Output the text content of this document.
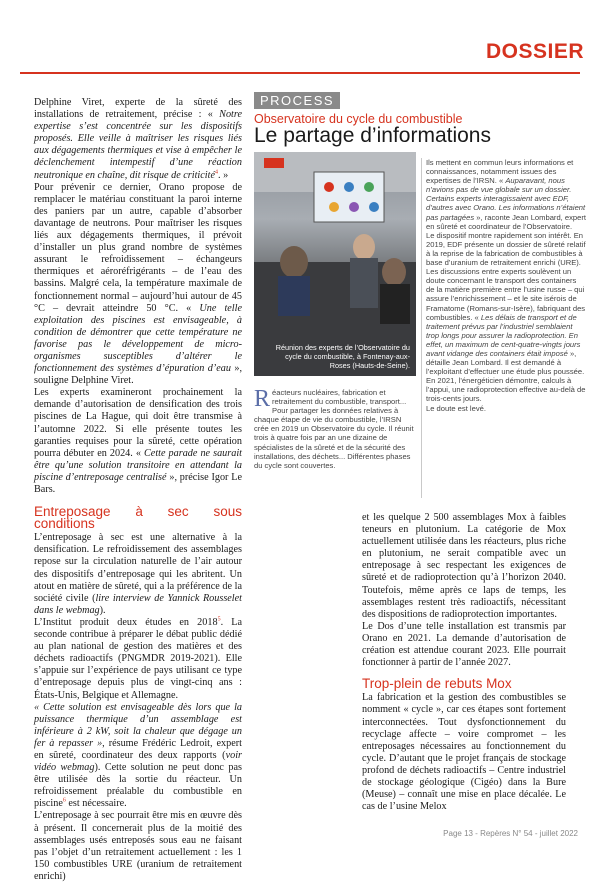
DOSSIER

Delphine Viret, experte de la sûreté des installations de retraitement, précise : « Notre expertise s’est concentrée sur les dispositifs proposés. Elle veille à maîtriser les risques liés aux dégagements thermiques et vise à empêcher le déclenchement intempestif d’une réaction neutronique en chaîne, dit risque de criticité$^4$. »

Pour prévenir ce dernier, Orano propose de remplacer le matériau constituant la paroi interne des paniers par un autre, capable d’absorber davantage de neutrons. Pour maîtriser les risques liés aux dégagements thermiques, il prévoit d’installer un plus grand nombre de systèmes assurant le refroidissement – échangeurs thermiques et aéroréfrigérants – de l’eau des bassins. Malgré cela, la température maximale de fonctionnement normal – aujourd’hui autour de 45 °C – devrait atteindre 50 °C. « Une telle exploitation des piscines est envisageable, à condition de démontrer que cette température ne favorise pas le développement de micro-organismes susceptibles d’altérer le fonctionnement des systèmes d’épuration d’eau », souligne Delphine Viret.

Les experts examineront prochainement la demande d’autorisation de densification des trois piscines de La Hague, qui doit être transmise à l’automne 2022. Si elle présente toutes les garanties requises pour la sûreté, cette opération pourra débuter en 2024. « Cette parade ne saurait être qu’une solution transitoire en attendant la piscine d’entreposage centralisé », précise Igor Le Bars.

Entreposage à sec sous conditions

L’entreposage à sec est une alternative à la densification. Le refroidissement des assemblages repose sur la circulation naturelle de l’air autour des dispositifs d’entreposage qui les abritent. Un atout en matière de sûreté, qui a la préférence de la société civile (lire interview de Yannick Rousselet dans le webmag).

L’Institut produit deux études en 2018$^5$. La seconde contribue à préparer le débat public dédié au plan national de gestion des matières et des déchets radioactifs (PNGMDR 2019-2021). Elle s’appuie sur l’expérience de pays utilisant ce type d’entreposage depuis plus de vingt-cinq ans : États-Unis, Belgique et Allemagne.

« Cette solution est envisageable dès lors que la puissance thermique d’un assemblage est inférieure à 2 kW, soit la chaleur que dégage un fer à repasser », résume Frédéric Ledroit, expert en sûreté, coordinateur des deux rapports (voir vidéo webmag). Cette solution ne peut donc pas être utilisée dès la sortie du réacteur. Un refroidissement préalable du combustible en piscine$^6$ est nécessaire.

L’entreposage à sec pourrait être mis en œuvre dès à présent. Il concernerait plus de la moitié des assemblages usés entreposés sous eau ne faisant pas l’objet d’un retraitement actuellement : les 1 150 combustibles URE (uranium de retraitement enrichi)

PROCESS
Observatoire du cycle du combustible
Le partage d’informations
Réunion des experts de l’Observatoire du cycle du combustible, à Fontenay-aux-Roses (Hauts-de-Seine).

Ils mettent en commun leurs informations et connaissances, notamment issues des expertises de l’IRSN. « Auparavant, nous n’avions pas de vue globale sur un dossier. Certains experts interagissaient avec EDF, d’autres avec Orano. Les informations n’étaient pas partagées », raconte Jean Lombard, expert en sûreté et coordinateur de l’Observatoire.

Le dispositif montre rapidement son intérêt. En 2019, EDF présente un dossier de sûreté relatif à la reprise de la fabrication de combustibles à base d’uranium de retraitement enrichi (URE).

Les discussions entre experts soulèvent un doute concernant le transport des containers de la matière première entre l’usine russe – qui assure l’enrichissement – et le site isérois de Framatome (Romans-sur-Isère), fabriquant des combustibles. « Les délais de transport et de traitement prévus par l’industriel semblaient trop longs pour assurer la radioprotection. En effet, un maximum de cent-quatre-vingts jours avant vidange des containers était imposé », détaille Jean Lombard. Il est demandé à l’exploitant d’effectuer une étude plus poussée.

En 2021, l’énergéticien démontre, calculs à l’appui, une radioprotection effective au-delà de trois-cents jours.

Le doute est levé.

Réacteurs nucléaires, fabrication et retraitement du combustible, transport... Pour partager les données relatives à chaque étape de vie du combustible, l’IRSN crée en 2019 un Observatoire du cycle. Il réunit trois à quatre fois par an une dizaine de spécialistes de la sûreté et de la sécurité des installations, des déchets... Différentes phases du cycle sont couvertes.

et les quelque 2 500 assemblages Mox à faibles teneurs en plutonium. La catégorie de Mox actuellement utilisée dans les réacteurs, plus riche en plutonium, ne serait compatible avec un entreposage à sec respectant les exigences de sûreté et de radioprotection qu’à l’horizon 2040. Toutefois, même après ce laps de temps, les assemblages restent très radioactifs, nécessitant des dispositions de radioprotection importantes.

Le Dos d’une telle installation est transmis par Orano en 2021. La demande d’autorisation de création est attendue courant 2023. Elle pourrait fonctionner à partir de l’année 2027.

Trop-plein de rebuts Mox

La fabrication et la gestion des combustibles se nomment « cycle », car ces étapes sont fortement interconnectées. Tout dysfonctionnement du recyclage affecte – voire compromet – les entreposages nécessaires au fonctionnement du cycle. D’autant que le projet français de stockage profond de déchets radioactifs – Centre industriel de stockage géologique (Cigéo) dans la Bure (Meuse) – connaît une mise en place décalée. Le cas de l’usine Melox

Page 13 - Repères N° 54 - juillet 2022
